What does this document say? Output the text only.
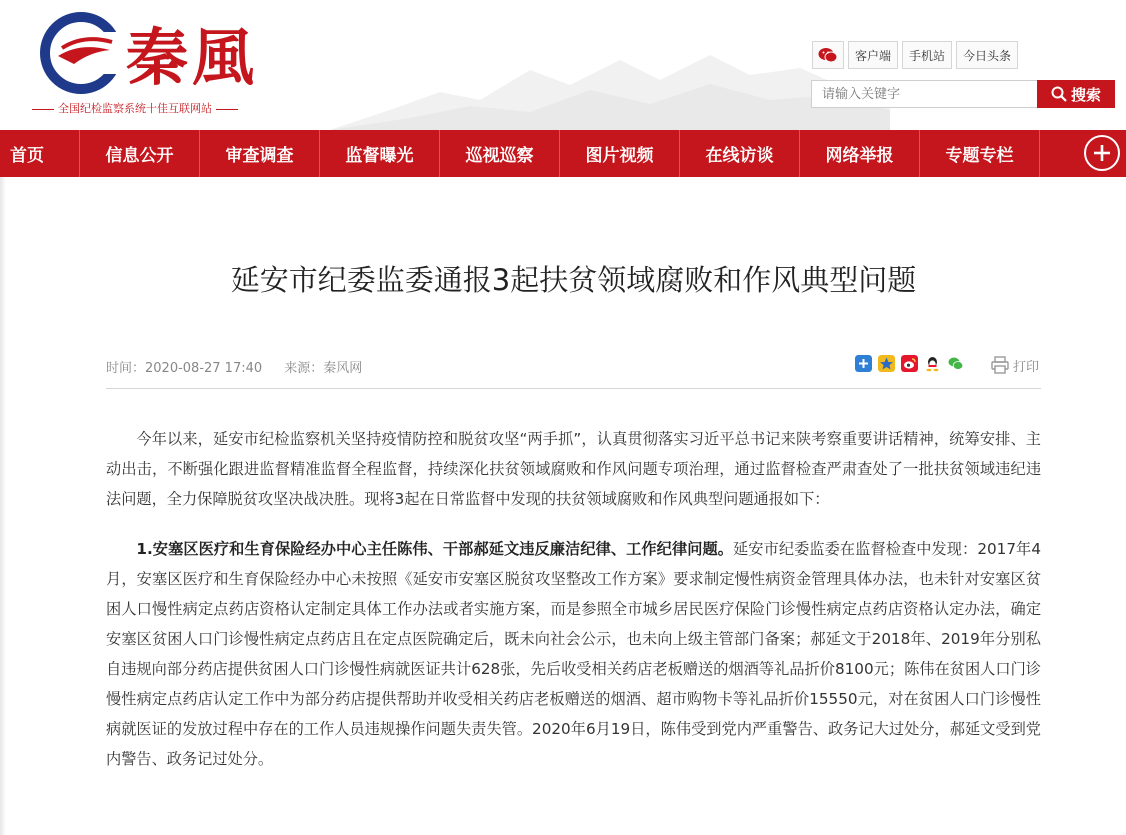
秦風
全国纪检监察系统十佳互联网站
客户端	手机站	今日头条
请输入关键字
搜索
首页	信息公开	审查调查	监督曝光	巡视巡察	图片视频	在线访谈	网络举报	专题专栏
延安市纪委监委通报3起扶贫领域腐败和作风典型问题
时间：2020-08-27 17:40 来源：秦风网	打印

今年以来，延安市纪检监察机关坚持疫情防控和脱贫攻坚“两手抓”，认真贯彻落实习近平总书记来陕考察重要讲话精神，统筹安排、主动出击，不断强化跟进监督精准监督全程监督，持续深化扶贫领域腐败和作风问题专项治理，通过监督检查严肃查处了一批扶贫领域违纪违法问题，全力保障脱贫攻坚决战决胜。现将3起在日常监督中发现的扶贫领域腐败和作风典型问题通报如下：

1.安塞区医疗和生育保险经办中心主任陈伟、干部郝延文违反廉洁纪律、工作纪律问题。延安市纪委监委在监督检查中发现：2017年4月，安塞区医疗和生育保险经办中心未按照《延安市安塞区脱贫攻坚整改工作方案》要求制定慢性病资金管理具体办法，也未针对安塞区贫困人口慢性病定点药店资格认定制定具体工作办法或者实施方案，而是参照全市城乡居民医疗保险门诊慢性病定点药店资格认定办法，确定安塞区贫困人口门诊慢性病定点药店且在定点医院确定后，既未向社会公示，也未向上级主管部门备案；郝延文于2018年、2019年分别私自违规向部分药店提供贫困人口门诊慢性病就医证共计628张，先后收受相关药店老板赠送的烟酒等礼品折价8100元；陈伟在贫困人口门诊慢性病定点药店认定工作中为部分药店提供帮助并收受相关药店老板赠送的烟酒、超市购物卡等礼品折价15550元，对在贫困人口门诊慢性病就医证的发放过程中存在的工作人员违规操作问题失责失管。2020年6月19日，陈伟受到党内严重警告、政务记大过处分，郝延文受到党内警告、政务记过处分。
